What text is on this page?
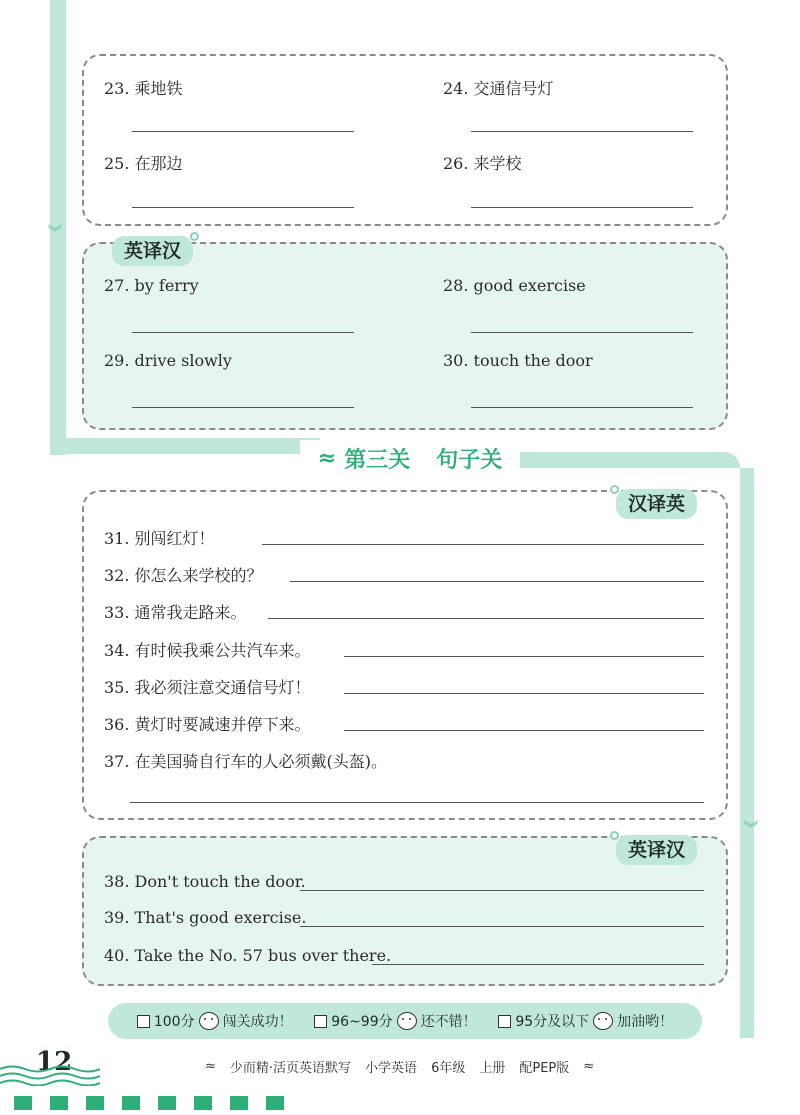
︾
︾
23. 乘地铁	24. 交通信号灯
25. 在那边	26. 来学校
英译汉
27. by ferry	28. good exercise
29. drive slowly	30. touch the door
≈ 第三关 句子关
汉译英
31. 别闯红灯！
32. 你怎么来学校的？
33. 通常我走路来。
34. 有时候我乘公共汽车来。
35. 我必须注意交通信号灯！
36. 黄灯时要减速并停下来。
37. 在美国骑自行车的人必须戴(头盔)。
英译汉
38. Don't touch the door.
39. That's good exercise.
40. Take the No. 57 bus over there.
100分 闯关成功！	96~99分 还不错！	95分及以下 加油哟！
12	≈ 少而精·活页英语默写 小学英语 6年级 上册 配PEP版 ≈
